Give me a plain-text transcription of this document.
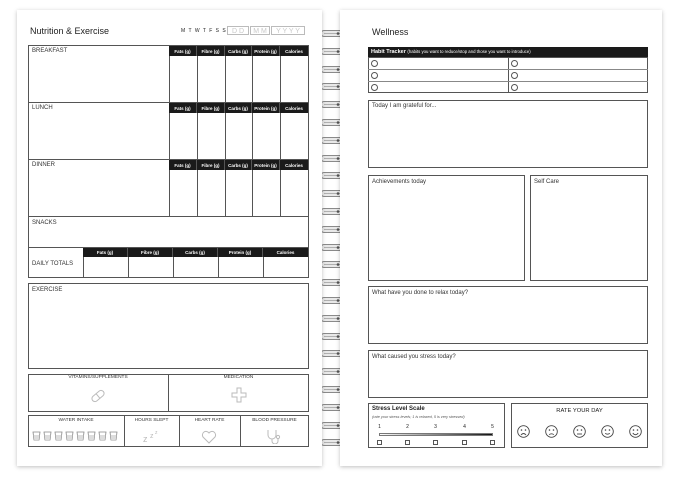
Nutrition & Exercise	M T W T F S S D D	M M	Y Y Y Y
BREAKFAST	Fats (g)	Fibre (g)	Carbs (g)	Protein (g)	Calories
LUNCH	Fats (g)	Fibre (g)	Carbs (g)	Protein (g)	Calories
DINNER	Fats (g)	Fibre (g)	Carbs (g)	Protein (g)	Calories
SNACKS
DAILY TOTALS
Fats (g)	Fibre (g)	Carbs (g)	Protein (g)	Calories
EXERCISE
VITAMINS/SUPPLEMENTS	MEDICATION
WATER INTAKE	HOURS SLEPT	HEART RATE	BLOOD PRESSURE
z z z
Wellness
Habit Tracker (habits you want to reduce/stop and those you want to introduce)
Today I am grateful for...
Achievements today	Self Care
What have you done to relax today?
What caused you stress today?
Stress Level Scale
(rate your stress levels; 1 is relaxed, 5 is very stressed)
1	2	3	4	5
RATE YOUR DAY
